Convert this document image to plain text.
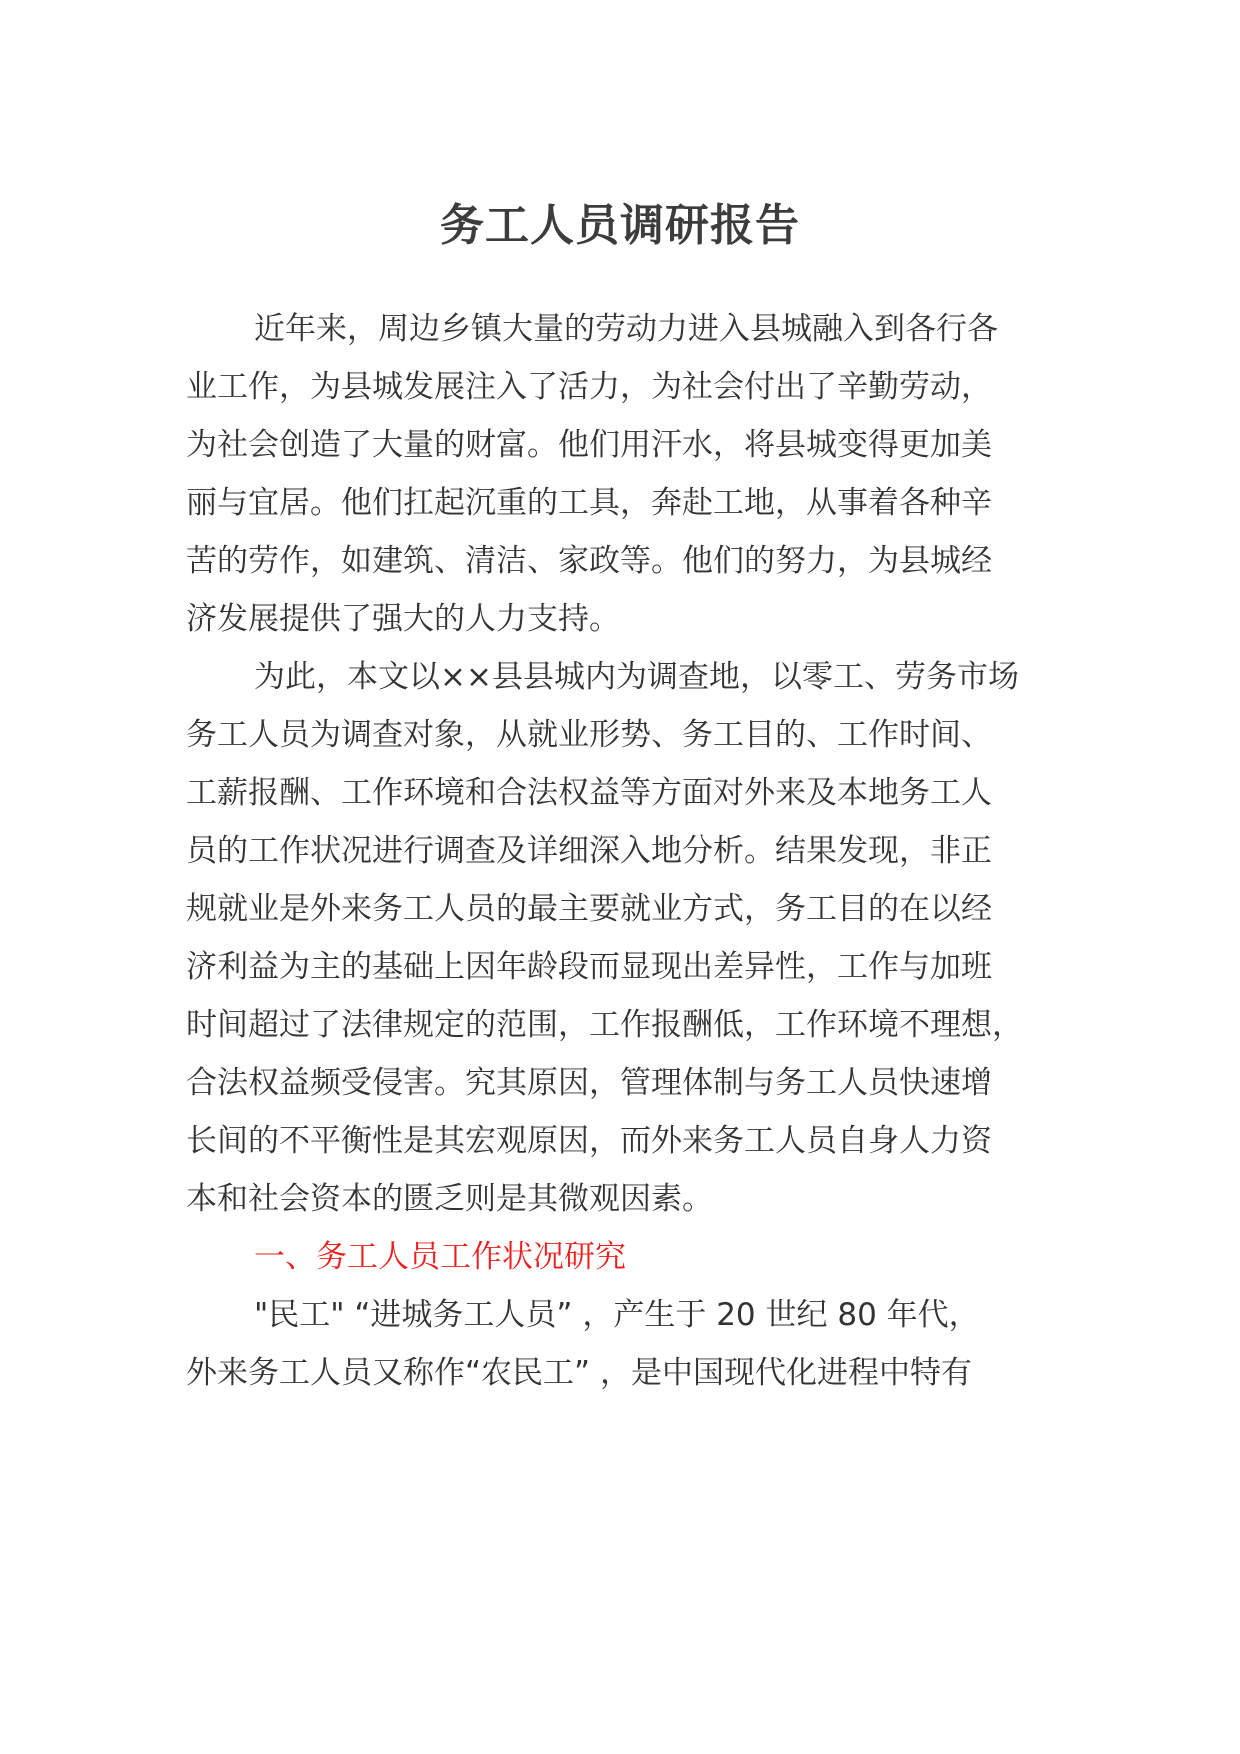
务工人员调研报告
近年来，周边乡镇大量的劳动力进入县城融入到各行各
业工作，为县城发展注入了活力，为社会付出了辛勤劳动，
为社会创造了大量的财富。他们用汗水，将县城变得更加美
丽与宜居。他们扛起沉重的工具，奔赴工地，从事着各种辛
苦的劳作，如建筑、清洁、家政等。他们的努力，为县城经
济发展提供了强大的人力支持。
为此，本文以××县县城内为调查地，以零工、劳务市场
务工人员为调查对象，从就业形势、务工目的、工作时间、
工薪报酬、工作环境和合法权益等方面对外来及本地务工人
员的工作状况进行调查及详细深入地分析。结果发现，非正
规就业是外来务工人员的最主要就业方式，务工目的在以经
济利益为主的基础上因年龄段而显现出差异性，工作与加班
时间超过了法律规定的范围，工作报酬低，工作环境不理想，
合法权益频受侵害。究其原因，管理体制与务工人员快速增
长间的不平衡性是其宏观原因，而外来务工人员自身人力资
本和社会资本的匮乏则是其微观因素。
一、务工人员工作状况研究
"民工" “进城务工人员” ，产生于 20 世纪 80 年代，
外来务工人员又称作“农民工” ，是中国现代化进程中特有
